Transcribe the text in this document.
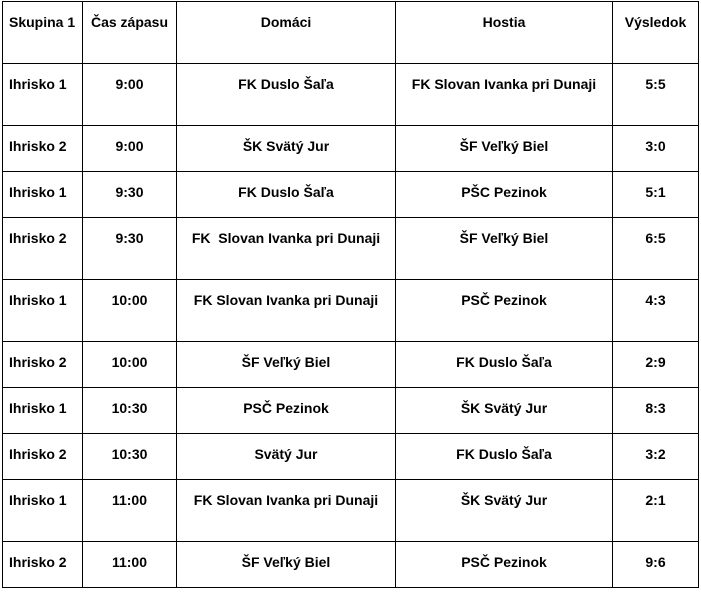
Skupina 1	Čas zápasu	Domáci	Hostia	Výsledok
Ihrisko 1	9:00	FK Duslo Šaľa	FK Slovan Ivanka pri Dunaji	5:5
Ihrisko 2	9:00	ŠK Svätý Jur	ŠF Veľký Biel	3:0
Ihrisko 1	9:30	FK Duslo Šaľa	PŠC Pezinok	5:1
Ihrisko 2	9:30	FK  Slovan Ivanka pri Dunaji	ŠF Veľký Biel	6:5
Ihrisko 1	10:00	FK Slovan Ivanka pri Dunaji	PSČ Pezinok	4:3
Ihrisko 2	10:00	ŠF Veľký Biel	FK Duslo Šaľa	2:9
Ihrisko 1	10:30	PSČ Pezinok	ŠK Svätý Jur	8:3
Ihrisko 2	10:30	Svätý Jur	FK Duslo Šaľa	3:2
Ihrisko 1	11:00	FK Slovan Ivanka pri Dunaji	ŠK Svätý Jur	2:1
Ihrisko 2	11:00	ŠF Veľký Biel	PSČ Pezinok	9:6
